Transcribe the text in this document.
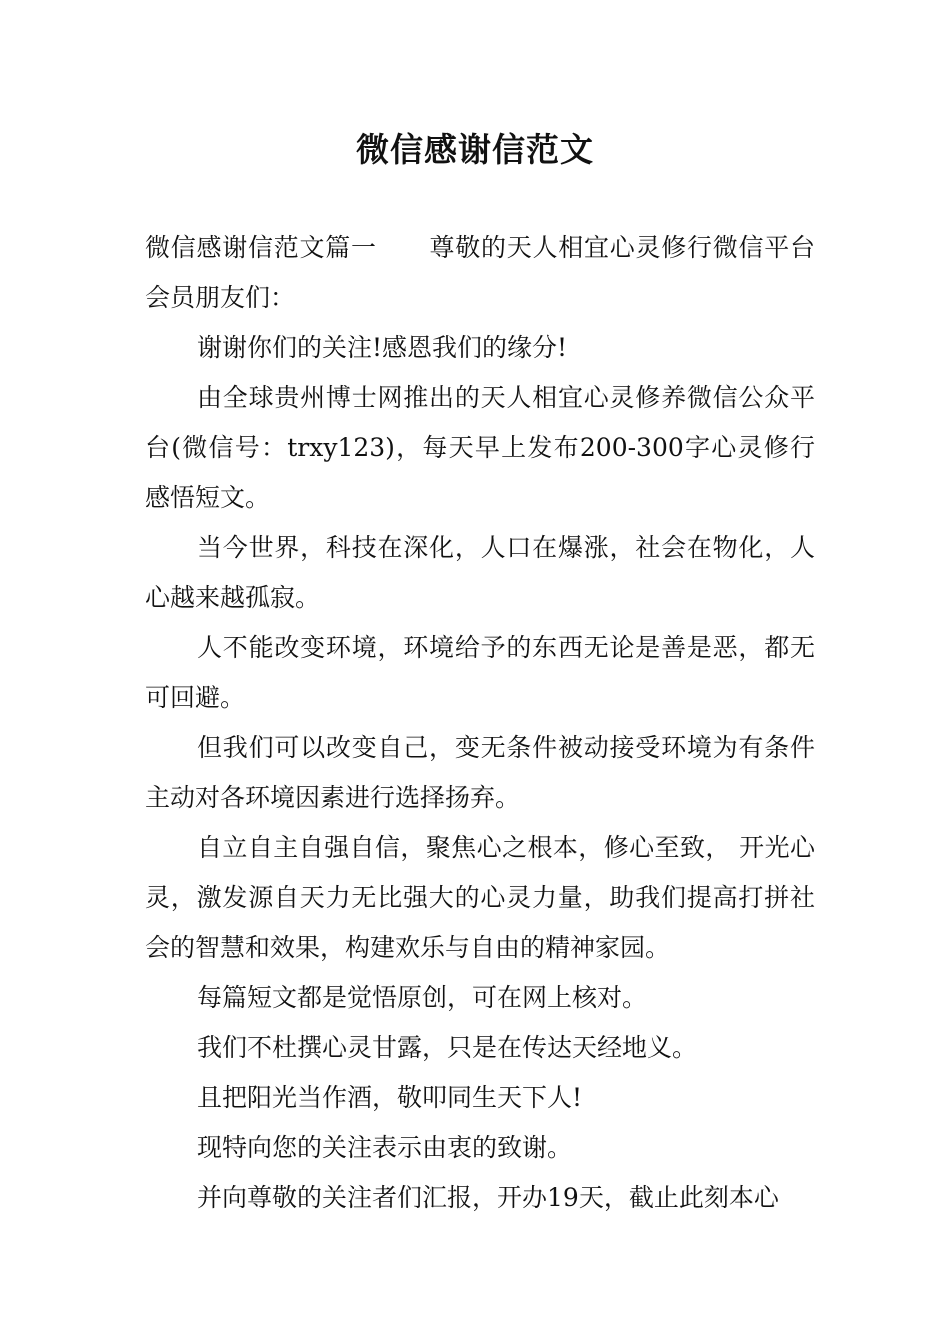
微信感谢信范文

微信感谢信范文篇一 尊敬的天人相宜心灵修行微信平台会员朋友们：

谢谢你们的关注!感恩我们的缘分!

由全球贵州博士网推出的天人相宜心灵修养微信公众平台(微信号：trxy123)，每天早上发布200-300字心灵修行感悟短文。

当今世界，科技在深化，人口在爆涨，社会在物化，人心越来越孤寂。

人不能改变环境，环境给予的东西无论是善是恶，都无可回避。

但我们可以改变自己，变无条件被动接受环境为有条件主动对各环境因素进行选择扬弃。

自立自主自强自信，聚焦心之根本，修心至致， 开光心灵，激发源自天力无比强大的心灵力量，助我们提高打拼社会的智慧和效果，构建欢乐与自由的精神家园。

每篇短文都是觉悟原创，可在网上核对。

我们不杜撰心灵甘露，只是在传达天经地义。

且把阳光当作酒，敬叩同生天下人!

现特向您的关注表示由衷的致谢。

并向尊敬的关注者们汇报，开办19天，截止此刻本心
